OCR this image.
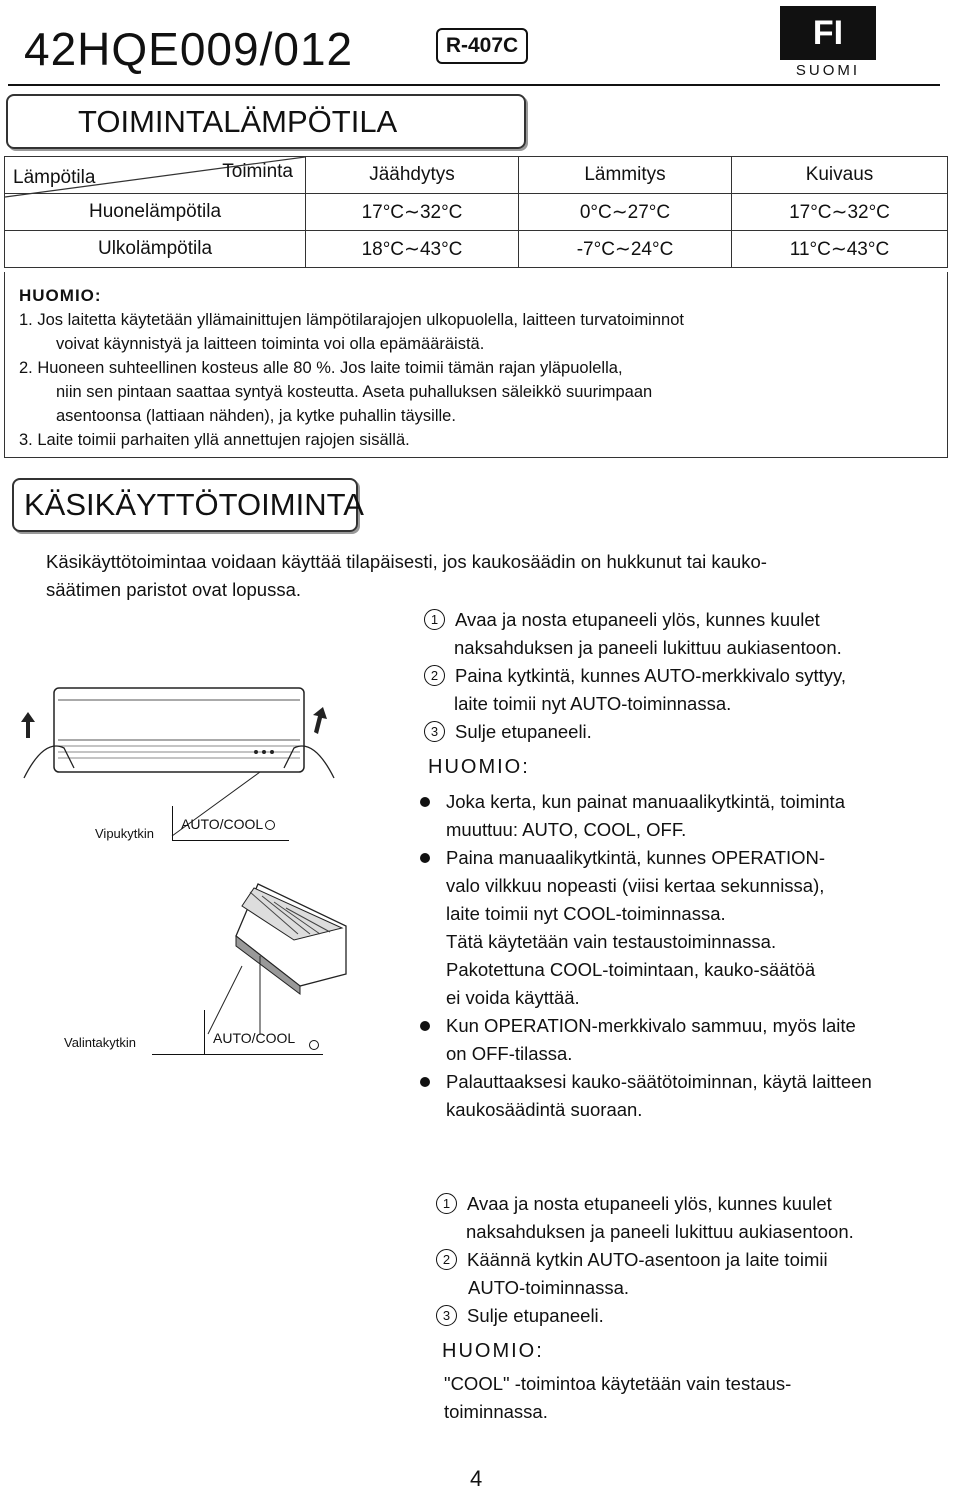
42HQE009/012	R-407C	FI
SUOMI
TOIMINTALÄMPÖTILA
Lämpötila Toiminta	Jäähdytys	Lämmitys	Kuivaus
Huonelämpötila	17°C∼32°C	0°C∼27°C	17°C∼32°C
Ulkolämpötila	18°C∼43°C	-7°C∼24°C	11°C∼43°C
HUOMIO:
1. Jos laitetta käytetään yllämainittujen lämpötilarajojen ulkopuolella, laitteen turvatoiminnot
voivat käynnistyä ja laitteen toiminta voi olla epämääräistä.
2. Huoneen suhteellinen kosteus alle 80 %. Jos laite toimii tämän rajan yläpuolella,
niin sen pintaan saattaa syntyä kosteutta. Aseta puhalluksen säleikkö suurimpaan
asentoonsa (lattiaan nähden), ja kytke puhallin täysille.
3. Laite toimii parhaiten yllä annettujen rajojen sisällä.
KÄSIKÄYTTÖTOIMINTA
Käsikäyttötoimintaa voidaan käyttää tilapäisesti, jos kaukosäädin on hukkunut tai kauko-
säätimen paristot ovat lopussa.
Vipukytkin
AUTO/COOL
Valintakytkin	AUTO/COOL
1 Avaa ja nosta etupaneeli ylös, kunnes kuulet
naksahduksen ja paneeli lukittuu aukiasentoon.
2 Paina kytkintä, kunnes AUTO-merkkivalo syttyy,
laite toimii nyt AUTO-toiminnassa.
3 Sulje etupaneeli.
HUOMIO:
Joka kerta, kun painat manuaalikytkintä, toiminta
muuttuu: AUTO, COOL, OFF.
Paina manuaalikytkintä, kunnes OPERATION-
valo vilkkuu nopeasti (viisi kertaa sekunnissa),
laite toimii nyt COOL-toiminnassa.
Tätä käytetään vain testaustoiminnassa.
Pakotettuna COOL-toimintaan, kauko-säätöä
ei voida käyttää.
Kun OPERATION-merkkivalo sammuu, myös laite
on OFF-tilassa.
Palauttaaksesi kauko-säätötoiminnan, käytä laitteen
kaukosäädintä suoraan.
1 Avaa ja nosta etupaneeli ylös, kunnes kuulet
naksahduksen ja paneeli lukittuu aukiasentoon.
2 Käännä kytkin AUTO-asentoon ja laite toimii
AUTO-toiminnassa.
3 Sulje etupaneeli.
HUOMIO:
"COOL" -toimintoa käytetään vain testaus-
toiminnassa.
4
